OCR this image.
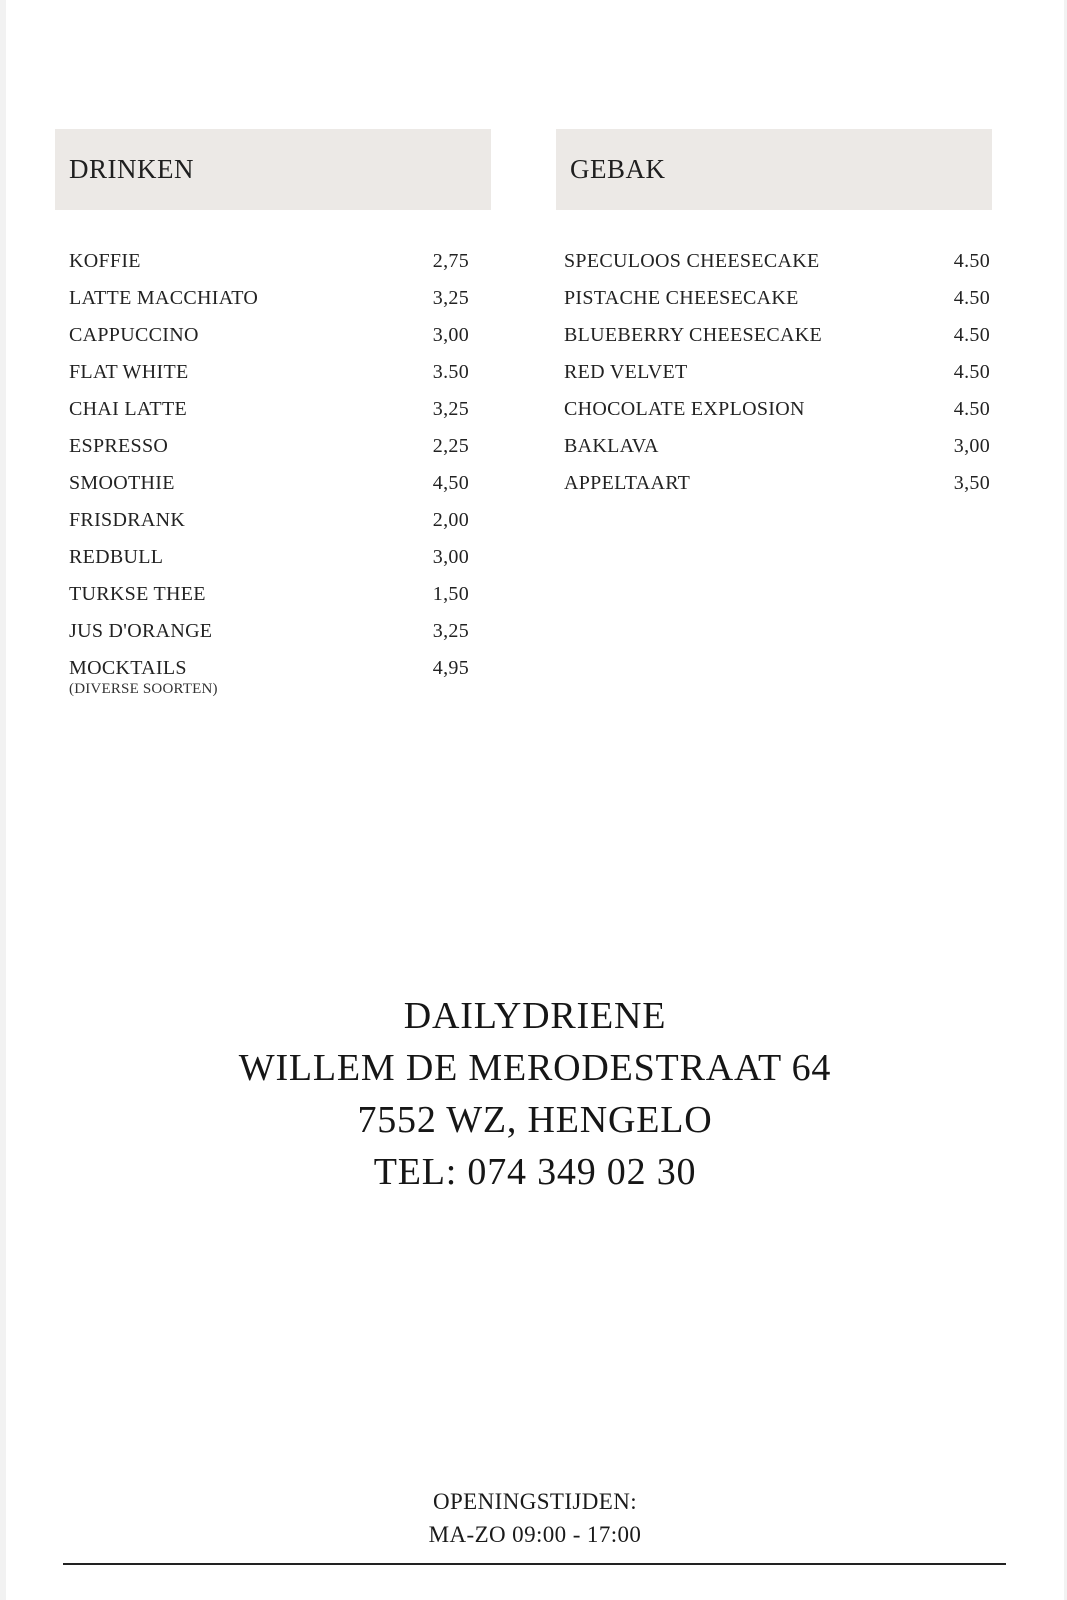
DRINKEN
KOFFIE	2,75
LATTE MACCHIATO	3,25
CAPPUCCINO	3,00
FLAT WHITE	3.50
CHAI LATTE	3,25
ESPRESSO	2,25
SMOOTHIE	4,50
FRISDRANK	2,00
REDBULL	3,00
TURKSE THEE	1,50
JUS D'ORANGE	3,25
MOCKTAILS	4,95
(DIVERSE SOORTEN)
GEBAK
SPECULOOS CHEESECAKE	4.50
PISTACHE CHEESECAKE	4.50
BLUEBERRY CHEESECAKE	4.50
RED VELVET	4.50
CHOCOLATE EXPLOSION	4.50
BAKLAVA	3,00
APPELTAART	3,50
DAILYDRIENE
WILLEM DE MERODESTRAAT 64
7552 WZ, HENGELO
TEL: 074 349 02 30
OPENINGSTIJDEN:
MA-ZO 09:00 - 17:00
